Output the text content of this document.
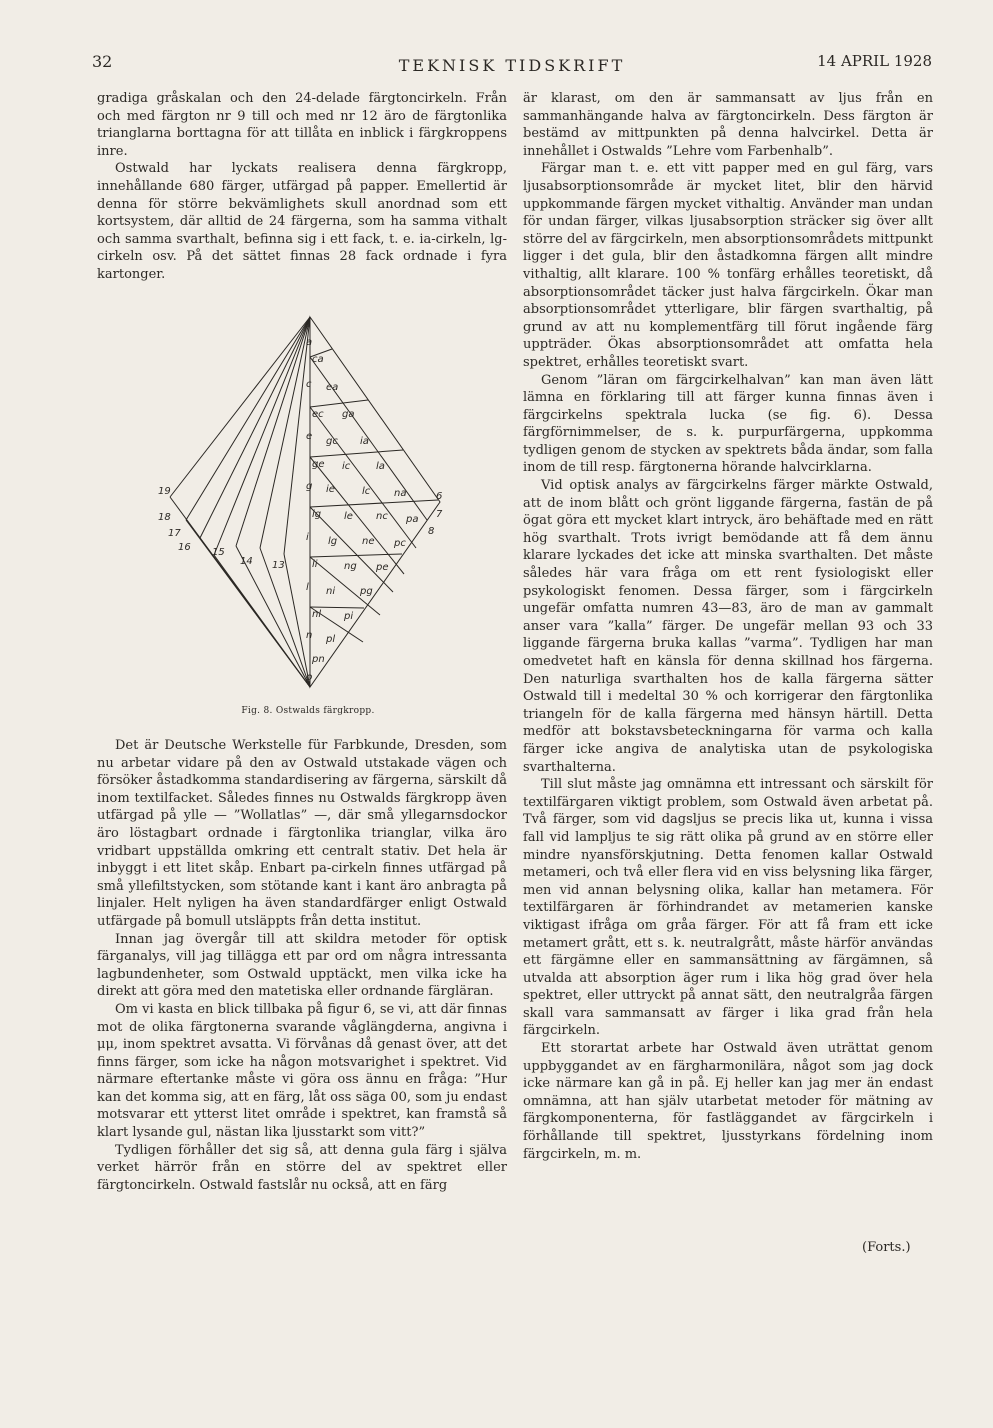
32	TEKNISK TIDSKRIFT	14 APRIL 1928

gradiga gråskalan och den 24-delade färgtoncirkeln. Från och med färgton nr 9 till och med nr 12 äro de färgtonlika trianglarna borttagna för att tillåta en inblick i färgkroppens inre.

Ostwald har lyckats realisera denna färgkropp, innehållande 680 färger, utfärgad på papper. Emellertid är denna för större bekvämlighets skull anordnad som ett kortsystem, där alltid de 24 färgerna, som ha samma vithalt och samma svarthalt, befinna sig i ett fack, t. e. ia-cirkeln, lg-cirkeln osv. På det sättet finnas 28 fack ordnade i fyra kartonger.

19
18
17
16 15
14 13
6
7
8
a
ca
c ea
ec ga
e gc ia
ge ic	la
g ie	lc na
ig le nc pa
i lg ne pc
li	ng pe
l ni pg
nl pi
n pl
pn
p
Fig. 8. Ostwalds färgkropp.

Det är Deutsche Werkstelle für Farbkunde, Dresden, som nu arbetar vidare på den av Ostwald utstakade vägen och försöker åstadkomma standardisering av färgerna, särskilt då inom textilfacket. Således finnes nu Ostwalds färgkropp även utfärgad på ylle — ”Wollatlas” —, där små yllegarnsdockor äro löstagbart ordnade i färgtonlika trianglar, vilka äro vridbart uppställda omkring ett centralt stativ. Det hela är inbyggt i ett litet skåp. Enbart pa-cirkeln finnes utfärgad på små yllefiltstycken, som stötande kant i kant äro anbragta på linjaler. Helt nyligen ha även standardfärger enligt Ostwald utfärgade på bomull utsläppts från detta institut.

Innan jag övergår till att skildra metoder för optisk färganalys, vill jag tillägga ett par ord om några intressanta lagbundenheter, som Ostwald upptäckt, men vilka icke ha direkt att göra med den matetiska eller ordnande färgläran.

Om vi kasta en blick tillbaka på figur 6, se vi, att där finnas mot de olika färgtonerna svarande våglängderna, angivna i μμ, inom spektret avsatta. Vi förvånas då genast över, att det finns färger, som icke ha någon motsvarighet i spektret. Vid närmare eftertanke måste vi göra oss ännu en fråga: ”Hur kan det komma sig, att en färg, låt oss säga 00, som ju endast motsvarar ett ytterst litet område i spektret, kan framstå så klart lysande gul, nästan lika ljusstarkt som vitt?”

Tydligen förhåller det sig så, att denna gula färg i själva verket härrör från en större del av spektret eller färgtoncirkeln. Ostwald fastslår nu också, att en färg

är klarast, om den är sammansatt av ljus från en sammanhängande halva av färgtoncirkeln. Dess färgton är bestämd av mittpunkten på denna halvcirkel. Detta är innehållet i Ostwalds ”Lehre vom Farbenhalb”.

Färgar man t. e. ett vitt papper med en gul färg, vars ljusabsorptionsområde är mycket litet, blir den härvid uppkommande färgen mycket vithaltig. Använder man undan för undan färger, vilkas ljusabsorption sträcker sig över allt större del av färgcirkeln, men absorptionsområdets mittpunkt ligger i det gula, blir den åstadkomna färgen allt mindre vithaltig, allt klarare. 100 % tonfärg erhålles teoretiskt, då absorptionsområdet täcker just halva färgcirkeln. Ökar man absorptionsområdet ytterligare, blir färgen svarthaltig, på grund av att nu komplementfärg till förut ingående färg uppträder. Ökas absorptionsområdet att omfatta hela spektret, erhålles teoretiskt svart.

Genom ”läran om färgcirkelhalvan” kan man även lätt lämna en förklaring till att färger kunna finnas även i färgcirkelns spektrala lucka (se fig. 6). Dessa färgförnimmelser, de s. k. purpurfärgerna, uppkomma tydligen genom de stycken av spektrets båda ändar, som falla inom de till resp. färgtonerna hörande halvcirklarna.

Vid optisk analys av färgcirkelns färger märkte Ostwald, att de inom blått och grönt liggande färgerna, fastän de på ögat göra ett mycket klart intryck, äro behäftade med en rätt hög svarthalt. Trots ivrigt bemödande att få dem ännu klarare lyckades det icke att minska svarthalten. Det måste således här vara fråga om ett rent fysiologiskt eller psykologiskt fenomen. Dessa färger, som i färgcirkeln ungefär omfatta numren 43—83, äro de man av gammalt anser vara ”kalla” färger. De ungefär mellan 93 och 33 liggande färgerna bruka kallas ”varma”. Tydligen har man omedvetet haft en känsla för denna skillnad hos färgerna. Den naturliga svarthalten hos de kalla färgerna sätter Ostwald till i medeltal 30 % och korrigerar den färgtonlika triangeln för de kalla färgerna med hänsyn härtill. Detta medför att bokstavsbeteckningarna för varma och kalla färger icke angiva de analytiska utan de psykologiska svarthalterna.

Till slut måste jag omnämna ett intressant och särskilt för textilfärgaren viktigt problem, som Ostwald även arbetat på. Två färger, som vid dagsljus se precis lika ut, kunna i vissa fall vid lampljus te sig rätt olika på grund av en större eller mindre nyansförskjutning. Detta fenomen kallar Ostwald metameri, och två eller flera vid en viss belysning lika färger, men vid annan belysning olika, kallar han metamera. För textilfärgaren är förhindrandet av metamerien kanske viktigast ifråga om gråa färger. För att få fram ett icke metamert grått, ett s. k. neutralgrått, måste härför användas ett färgämne eller en sammansättning av färgämnen, så utvalda att absorption äger rum i lika hög grad över hela spektret, eller uttryckt på annat sätt, den neutralgråa färgen skall vara sammansatt av färger i lika grad från hela färgcirkeln.

Ett storartat arbete har Ostwald även uträttat genom uppbyggandet av en färgharmonilära, något som jag dock icke närmare kan gå in på. Ej heller kan jag mer än endast omnämna, att han själv utarbetat metoder för mätning av färgkomponenterna, för fastläggandet av färgcirkeln i förhållande till spektret, ljusstyrkans fördelning inom färgcirkeln, m. m.

(Forts.)
